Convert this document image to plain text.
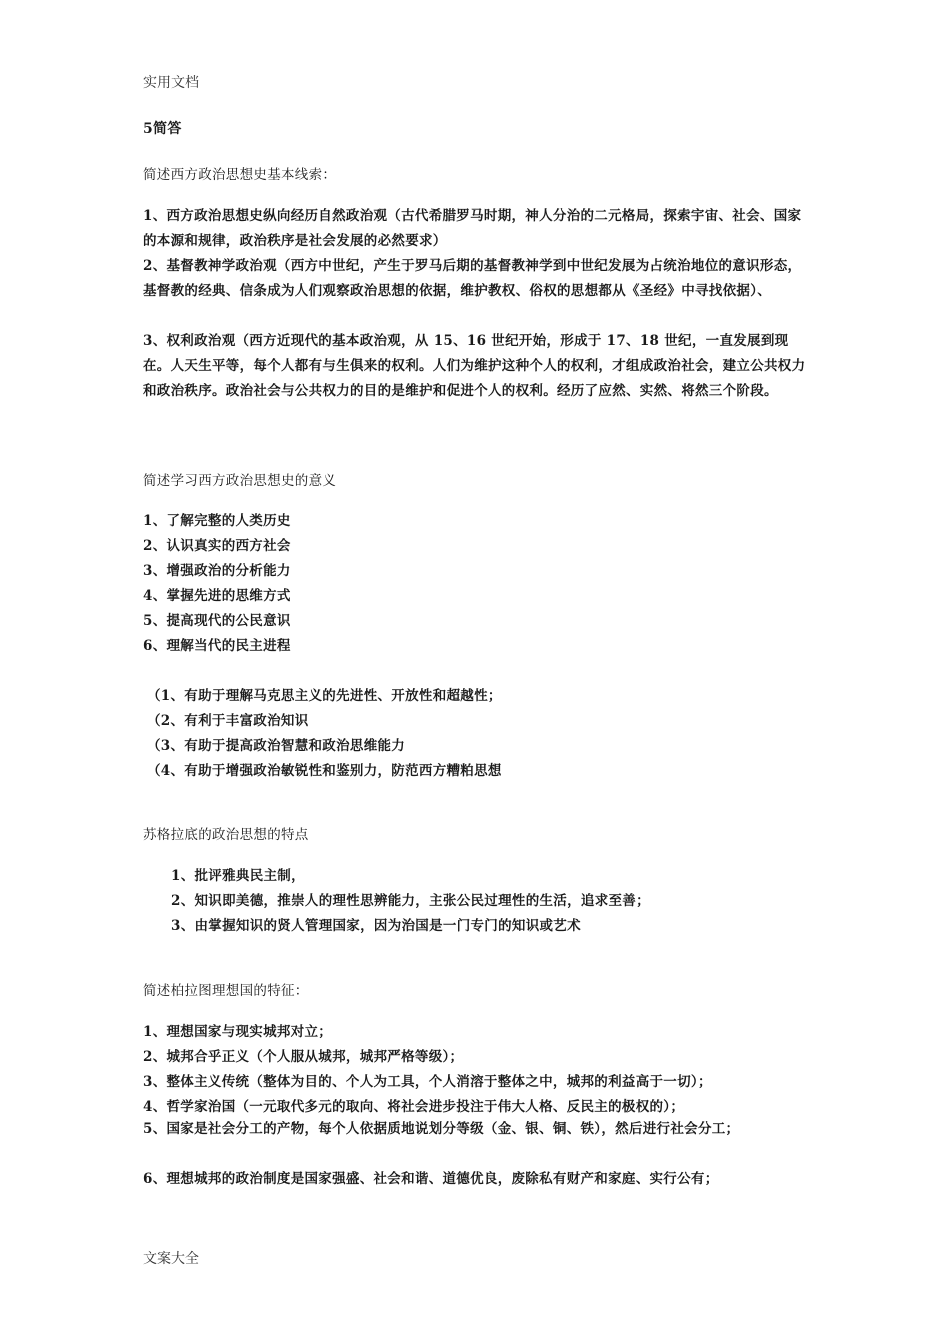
实用文档
5简答
简述西方政治思想史基本线索：
1、西方政治思想史纵向经历自然政治观（古代希腊罗马时期，神人分治的二元格局，探索宇宙、社会、国家的本源和规律，政治秩序是社会发展的必然要求）
2、基督教神学政治观（西方中世纪，产生于罗马后期的基督教神学到中世纪发展为占统治地位的意识形态，基督教的经典、信条成为人们观察政治思想的依据，维护教权、俗权的思想都从《圣经》中寻找依据）、
3、权利政治观（西方近现代的基本政治观，从 15、16 世纪开始，形成于 17、18 世纪，一直发展到现在。人天生平等，每个人都有与生俱来的权利。人们为维护这种个人的权利，才组成政治社会，建立公共权力和政治秩序。政治社会与公共权力的目的是维护和促进个人的权利。经历了应然、实然、将然三个阶段。
简述学习西方政治思想史的意义
1、了解完整的人类历史
2、认识真实的西方社会
3、增强政治的分析能力
4、掌握先进的思维方式
5、提高现代的公民意识
6、理解当代的民主进程
（1、有助于理解马克思主义的先进性、开放性和超越性；
（2、有利于丰富政治知识
（3、有助于提高政治智慧和政治思维能力
（4、有助于增强政治敏锐性和鉴别力，防范西方糟粕思想
苏格拉底的政治思想的特点
1、批评雅典民主制，
2、知识即美德，推崇人的理性思辨能力，主张公民过理性的生活，追求至善；
3、由掌握知识的贤人管理国家，因为治国是一门专门的知识或艺术
简述柏拉图理想国的特征：
1、理想国家与现实城邦对立；
2、城邦合乎正义（个人服从城邦，城邦严格等级）；
3、整体主义传统（整体为目的、个人为工具，个人消溶于整体之中，城邦的利益高于一切）；
4、哲学家治国（一元取代多元的取向、将社会进步投注于伟大人格、反民主的极权的）；
5、国家是社会分工的产物，每个人依据质地说划分等级（金、银、铜、铁），然后进行社会分工；
6、理想城邦的政治制度是国家强盛、社会和谐、道德优良，废除私有财产和家庭、实行公有；
文案大全
